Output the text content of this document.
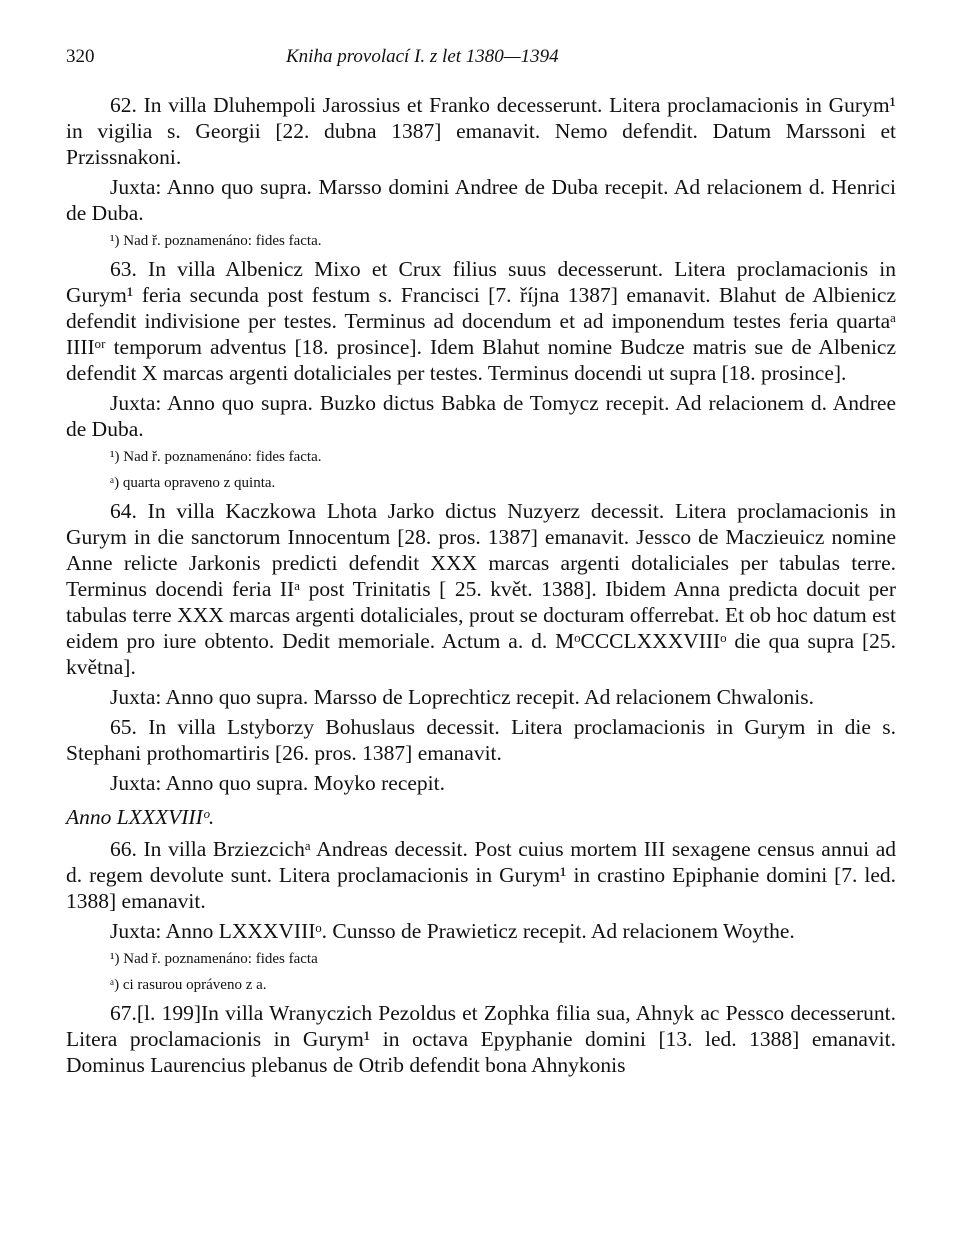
320	Kniha provolací I. z let 1380—1394

62. In villa Dluhempoli Jarossius et Franko decesserunt. Litera proclamacionis in Gurym¹ in vigilia s. Georgii [22. dubna 1387] emanavit. Nemo defendit. Datum Marssoni et Przissnakoni.

Juxta: Anno quo supra. Marsso domini Andree de Duba recepit. Ad relacionem d. Henrici de Duba.

¹) Nad ř. poznamenáno: fides facta.

63. In villa Albenicz Mixo et Crux filius suus decesserunt. Litera proclamacionis in Gurym¹ feria secunda post festum s. Francisci [7. října 1387] emanavit. Blahut de Albienicz defendit indivisione per testes. Terminus ad docendum et ad imponendum testes feria quartaᵃ IIIIᵒʳ temporum adventus [18. prosince]. Idem Blahut nomine Budcze matris sue de Albenicz defendit X marcas argenti dotaliciales per testes. Terminus docendi ut supra [18. prosince].

Juxta: Anno quo supra. Buzko dictus Babka de Tomycz recepit. Ad relacionem d. Andree de Duba.

¹) Nad ř. poznamenáno: fides facta.

ᵃ) quarta opraveno z quinta.

64. In villa Kaczkowa Lhota Jarko dictus Nuzyerz decessit. Litera proclamacionis in Gurym in die sanctorum Innocentum [28. pros. 1387] emanavit. Jessco de Maczieuicz nomine Anne relicte Jarkonis predicti defendit XXX marcas argenti dotaliciales per tabulas terre. Terminus docendi feria IIᵃ post Trinitatis [ 25. květ. 1388]. Ibidem Anna predicta docuit per tabulas terre XXX marcas argenti dotaliciales, prout se docturam offerrebat. Et ob hoc datum est eidem pro iure obtento. Dedit memoriale. Actum a. d. MᵒCCCLXXXVIIIᵒ die qua supra [25. května].

Juxta: Anno quo supra. Marsso de Loprechticz recepit. Ad relacionem Chwalonis.

65. In villa Lstyborzy Bohuslaus decessit. Litera proclamacionis in Gurym in die s. Stephani prothomartiris [26. pros. 1387] emanavit.

Juxta: Anno quo supra. Moyko recepit.

Anno LXXXVIIIᵒ.

66. In villa Brziezcichᵃ Andreas decessit. Post cuius mortem III sexagene census annui ad d. regem devolute sunt. Litera proclamacionis in Gurym¹ in crastino Epiphanie domini [7. led. 1388] emanavit.

Juxta: Anno LXXXVIIIᵒ. Cunsso de Prawieticz recepit. Ad relacionem Woythe.

¹) Nad ř. poznamenáno: fides facta

ᵃ) ci rasurou opráveno z a.

67.[l. 199]In villa Wranyczich Pezoldus et Zophka filia sua, Ahnyk ac Pessco decesserunt. Litera proclamacionis in Gurym¹ in octava Epyphanie domini [13. led. 1388] emanavit. Dominus Laurencius plebanus de Otrib defendit bona Ahnykonis
